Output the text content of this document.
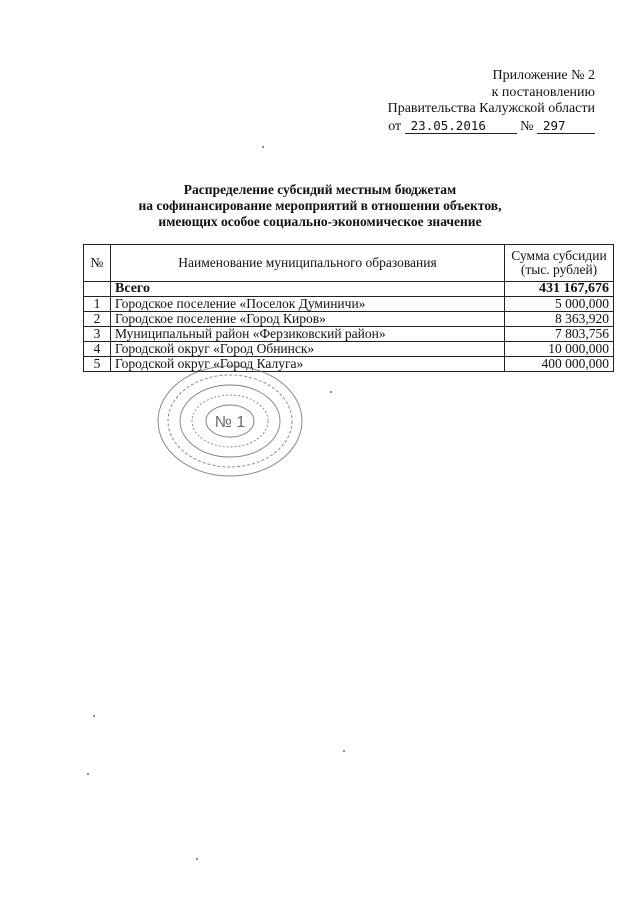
Приложение № 2
к постановлению
Правительства Калужской области
от 23.05.2016 № 297
Распределение субсидий местным бюджетам
на софинансирование мероприятий в отношении объектов,
имеющих особое социально-экономическое значение
№	Наименование муниципального образования	Сумма субсидии
(тыс. рублей)
	Всего	431 167,676
1	Городское поселение «Поселок Думиничи»	5 000,000
2	Городское поселение «Город Киров»	8 363,920
3	Муниципальный район «Ферзиковский район»	7 803,756
4	Городской округ «Город Обнинск»	10 000,000
5	Городской округ «Город Калуга»	400 000,000
№ 1
